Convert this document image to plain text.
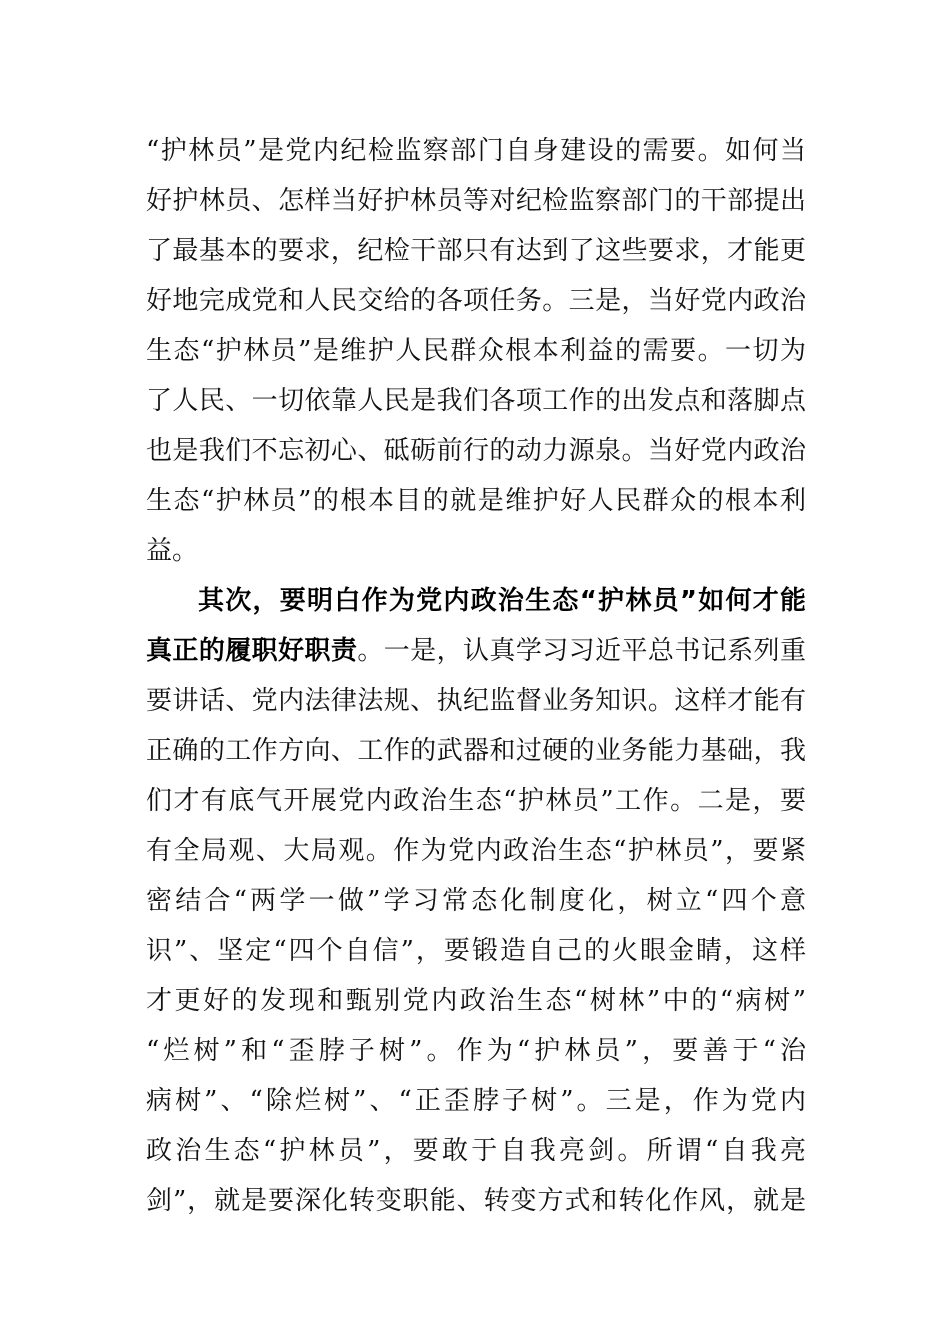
“护林员”是党内纪检监察部门自身建设的需要。如何当
好护林员、怎样当好护林员等对纪检监察部门的干部提出
了最基本的要求，纪检干部只有达到了这些要求，才能更
好地完成党和人民交给的各项任务。三是，当好党内政治
生态“护林员”是维护人民群众根本利益的需要。一切为
了人民、一切依靠人民是我们各项工作的出发点和落脚点
也是我们不忘初心、砥砺前行的动力源泉。当好党内政治
生态“护林员”的根本目的就是维护好人民群众的根本利
益。
其次，要明白作为党内政治生态“护林员”如何才能
真正的履职好职责。一是，认真学习习近平总书记系列重
要讲话、党内法律法规、执纪监督业务知识。这样才能有
正确的工作方向、工作的武器和过硬的业务能力基础，我
们才有底气开展党内政治生态“护林员”工作。二是，要
有全局观、大局观。作为党内政治生态“护林员”，要紧
密结合“两学一做”学习常态化制度化，树立“四个意
识”、坚定“四个自信”，要锻造自己的火眼金睛，这样
才更好的发现和甄别党内政治生态“树林”中的“病树”
“烂树”和“歪脖子树”。作为“护林员”，要善于“治
病树”、“除烂树”、“正歪脖子树”。三是，作为党内
政治生态“护林员”，要敢于自我亮剑。所谓“自我亮
剑”，就是要深化转变职能、转变方式和转化作风，就是
